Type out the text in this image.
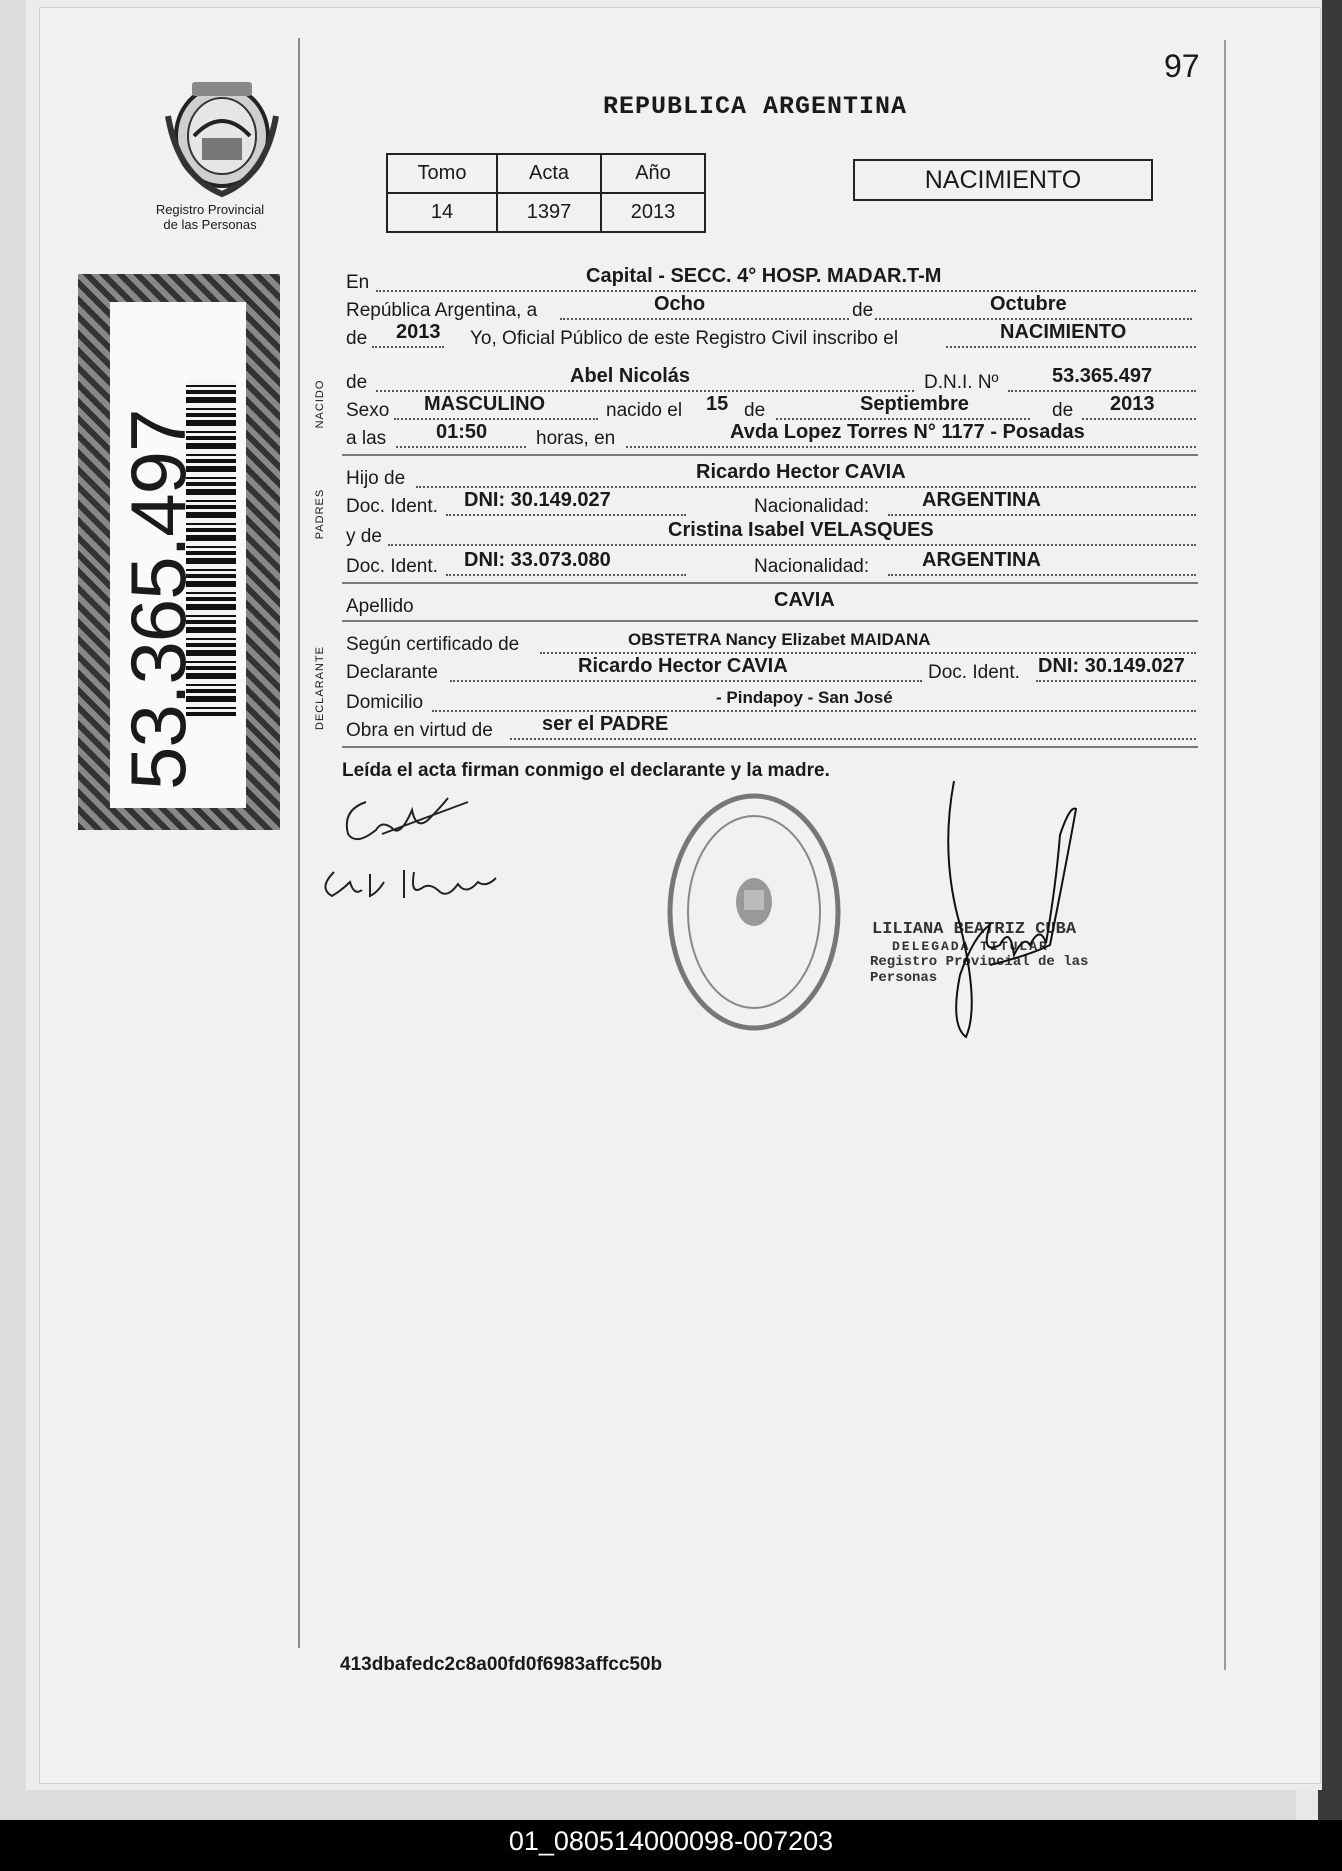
97
REPUBLICA ARGENTINA
Tomo	Acta	Año
14	1397	2013
NACIMIENTO
Registro Provincial
de las Personas
53.365.497
NACIDO
PADRES
DECLARANTE
En	Capital - SECC. 4° HOSP. MADAR.T-M
República Argentina, a	Ocho	de	Octubre
de 2013 Yo, Oficial Público de este Registro Civil inscribo el	NACIMIENTO
de	Abel Nicolás	D.N.I. Nº	53.365.497
Sexo MASCULINO	nacido el 15 de	Septiembre	de 2013
a las 01:50	horas, en	Avda Lopez Torres N° 1177 - Posadas
Hijo de	Ricardo Hector CAVIA
Doc. Ident. DNI: 30.149.027	Nacionalidad:	ARGENTINA
y de	Cristina Isabel VELASQUES
Doc. Ident. DNI: 33.073.080	Nacionalidad:	ARGENTINA
Apellido	CAVIA
Según certificado de	OBSTETRA Nancy Elizabet MAIDANA
Declarante	Ricardo Hector CAVIA	Doc. Ident. DNI: 30.149.027
Domicilio	- Pindapoy - San José
Obra en virtud de ser el PADRE
Leída el acta firman conmigo el declarante y la madre.
LILIANA BEATRIZ CUBA
DELEGADA TITULAR
Registro Provincial de las Personas
413dbafedc2c8a00fd0f6983affcc50b
01_080514000098-007203
